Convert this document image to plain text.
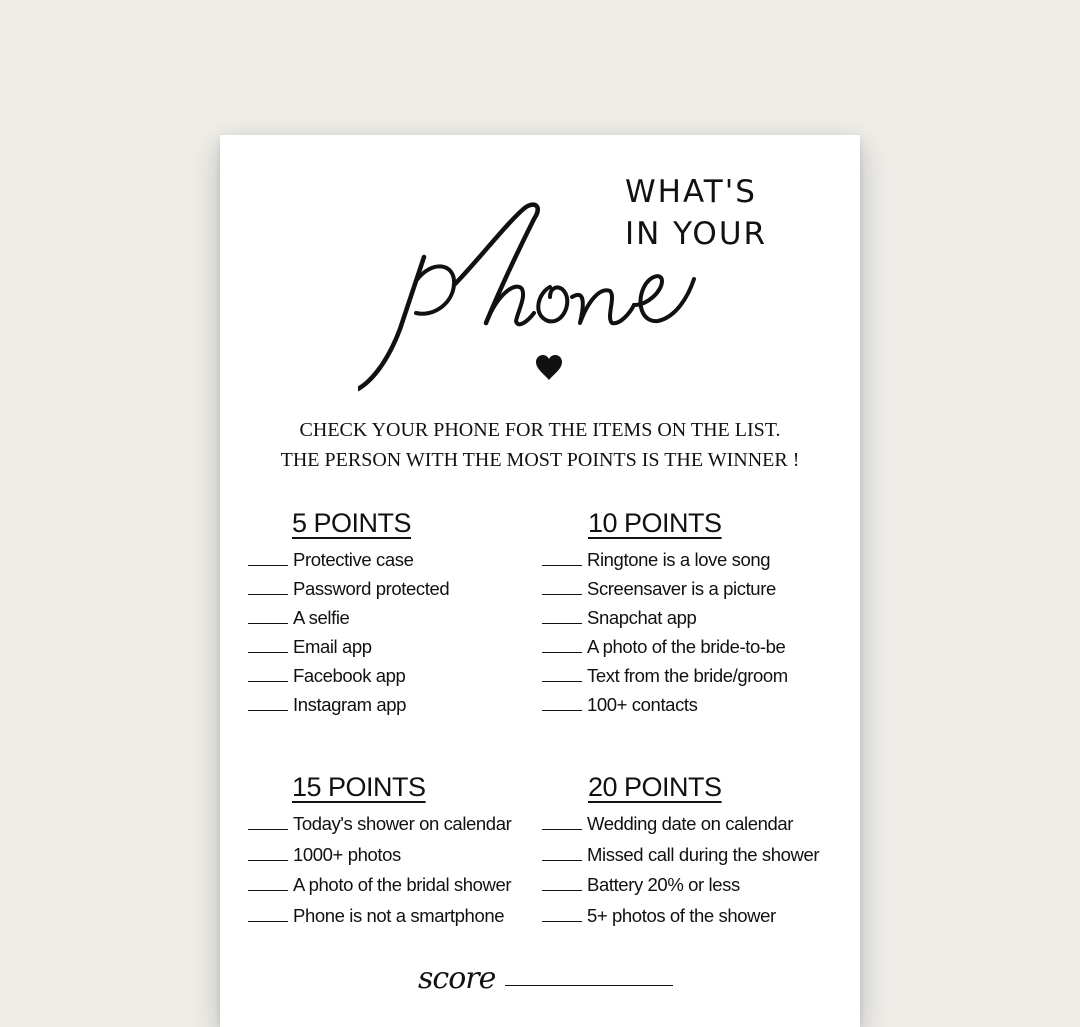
WHAT'S
IN YOUR
CHECK YOUR PHONE FOR THE ITEMS ON THE LIST.
THE PERSON WITH THE MOST POINTS IS THE WINNER !
5 POINTS
Protective case
Password protected
A selfie
Email app
Facebook app
Instagram app
10 POINTS
Ringtone is a love song
Screensaver is a picture
Snapchat app
A photo of the bride-to-be
Text from the bride/groom
100+ contacts
15 POINTS
Today's shower on calendar
1000+ photos
A photo of the bridal shower
Phone is not a smartphone
20 POINTS
Wedding date on calendar
Missed call during the shower
Battery 20% or less
5+ photos of the shower
score
